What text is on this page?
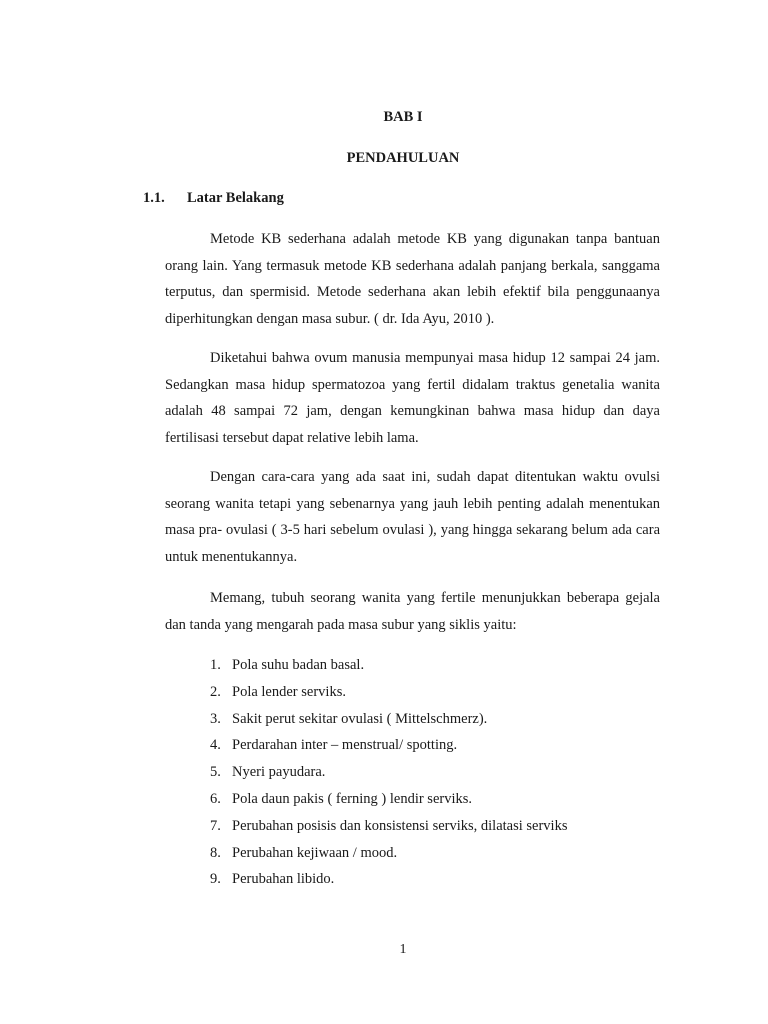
BAB I
PENDAHULUAN
1.1. Latar Belakang

Metode KB sederhana adalah metode KB yang digunakan tanpa bantuan orang lain. Yang termasuk metode KB sederhana adalah panjang berkala, sanggama terputus, dan spermisid. Metode sederhana akan lebih efektif bila penggunaanya diperhitungkan dengan masa subur. ( dr. Ida Ayu, 2010 ).

Diketahui bahwa ovum manusia mempunyai masa hidup 12 sampai 24 jam. Sedangkan masa hidup spermatozoa yang fertil didalam traktus genetalia wanita adalah 48 sampai 72 jam, dengan kemungkinan bahwa masa hidup dan daya fertilisasi tersebut dapat relative lebih lama.

Dengan cara-cara yang ada saat ini, sudah dapat ditentukan waktu ovulsi seorang wanita tetapi yang sebenarnya yang jauh lebih penting adalah menentukan masa pra- ovulasi ( 3-5 hari sebelum ovulasi ), yang hingga sekarang belum ada cara untuk menentukannya.

Memang, tubuh seorang wanita yang fertile menunjukkan beberapa gejala dan tanda yang mengarah pada masa subur yang siklis yaitu:

1. Pola suhu badan basal.
2. Pola lender serviks.
3. Sakit perut sekitar ovulasi ( Mittelschmerz).
4. Perdarahan inter – menstrual/ spotting.
5. Nyeri payudara.
6. Pola daun pakis ( ferning ) lendir serviks.
7. Perubahan posisis dan konsistensi serviks, dilatasi serviks
8. Perubahan kejiwaan / mood.
9. Perubahan libido.
1
